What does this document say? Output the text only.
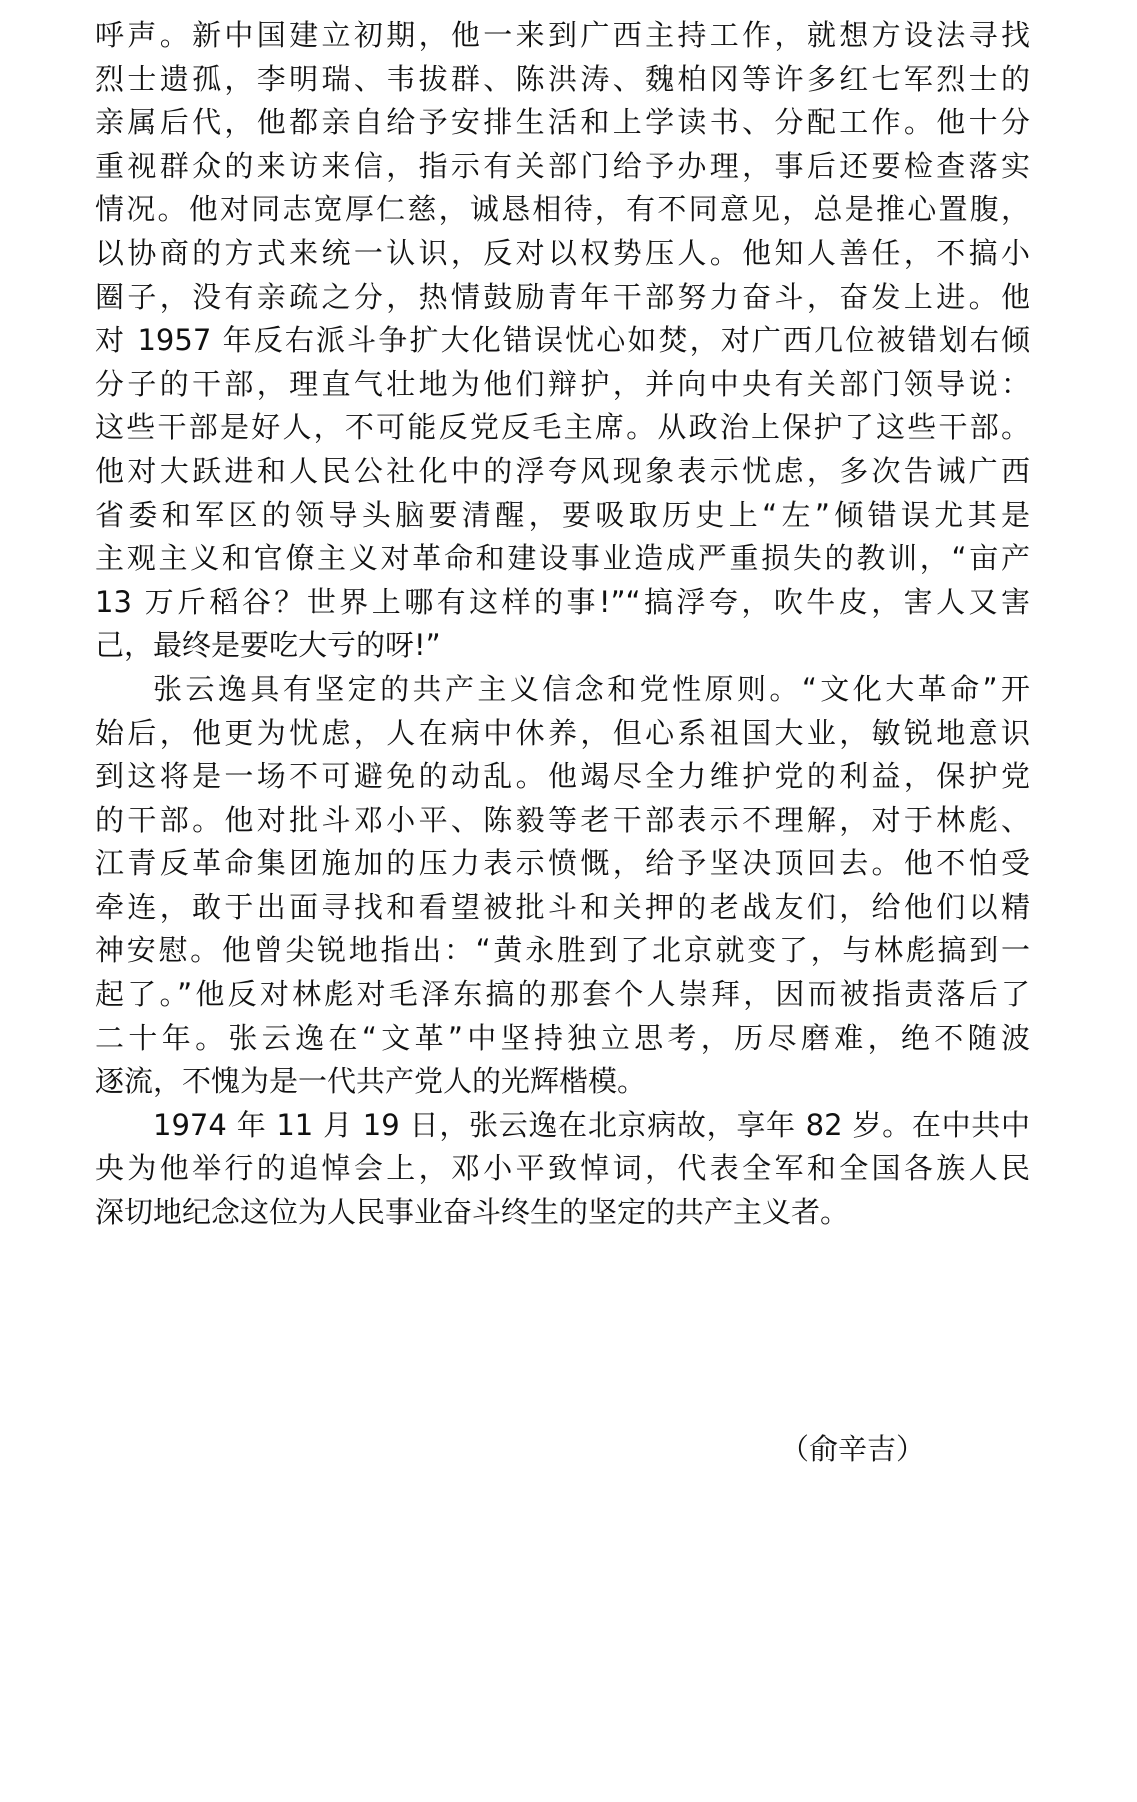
呼声。新中国建立初期，他一来到广西主持工作，就想方设法寻找
烈士遗孤，李明瑞、韦拔群、陈洪涛、魏柏冈等许多红七军烈士的
亲属后代，他都亲自给予安排生活和上学读书、分配工作。他十分
重视群众的来访来信，指示有关部门给予办理，事后还要检查落实
情况。他对同志宽厚仁慈，诚恳相待，有不同意见，总是推心置腹，
以协商的方式来统一认识，反对以权势压人。他知人善任，不搞小
圈子，没有亲疏之分，热情鼓励青年干部努力奋斗，奋发上进。他
对 1957 年反右派斗争扩大化错误忧心如焚，对广西几位被错划右倾
分子的干部，理直气壮地为他们辩护，并向中央有关部门领导说：
这些干部是好人，不可能反党反毛主席。从政治上保护了这些干部。
他对大跃进和人民公社化中的浮夸风现象表示忧虑，多次告诫广西
省委和军区的领导头脑要清醒，要吸取历史上“左”倾错误尤其是
主观主义和官僚主义对革命和建设事业造成严重损失的教训，“亩产
13 万斤稻谷？世界上哪有这样的事!”“搞浮夸，吹牛皮，害人又害
己，最终是要吃大亏的呀!”
张云逸具有坚定的共产主义信念和党性原则。“文化大革命”开
始后，他更为忧虑，人在病中休养，但心系祖国大业，敏锐地意识
到这将是一场不可避免的动乱。他竭尽全力维护党的利益，保护党
的干部。他对批斗邓小平、陈毅等老干部表示不理解，对于林彪、
江青反革命集团施加的压力表示愤慨，给予坚决顶回去。他不怕受
牵连，敢于出面寻找和看望被批斗和关押的老战友们，给他们以精
神安慰。他曾尖锐地指出：“黄永胜到了北京就变了，与林彪搞到一
起了。”他反对林彪对毛泽东搞的那套个人崇拜，因而被指责落后了
二十年。张云逸在“文革”中坚持独立思考，历尽磨难，绝不随波
逐流，不愧为是一代共产党人的光辉楷模。
1974 年 11 月 19 日，张云逸在北京病故，享年 82 岁。在中共中
央为他举行的追悼会上，邓小平致悼词，代表全军和全国各族人民
深切地纪念这位为人民事业奋斗终生的坚定的共产主义者。
（俞辛吉）
